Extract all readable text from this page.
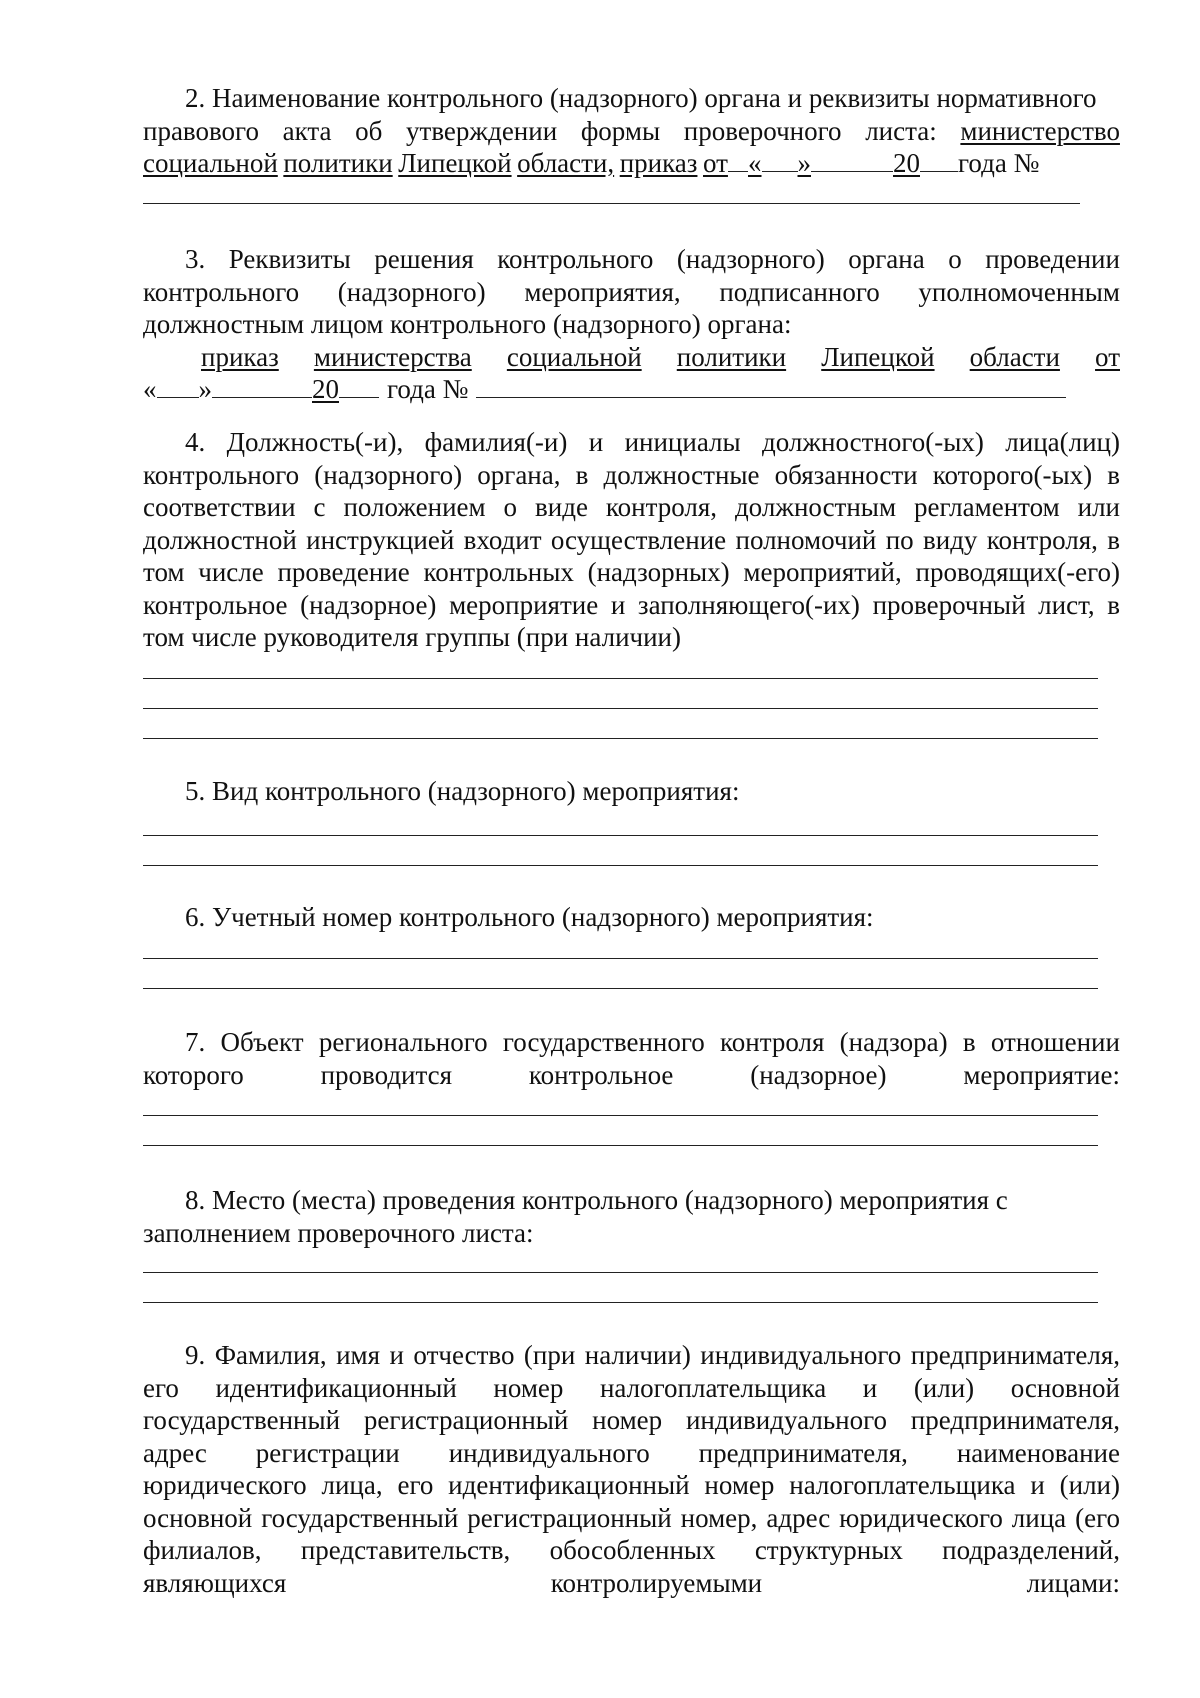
2. Наименование контрольного (надзорного) органа и реквизиты нормативного
правового акта об утверждении формы проверочного листа: министерство
социальной политики Липецкой области, приказ от « »	20 года №
3. Реквизиты решения контрольного (надзорного) органа о проведении
контрольного (надзорного) мероприятия, подписанного уполномоченным
должностным лицом контрольного (надзорного) органа:
приказ министерства социальной политики Липецкой области от
« »	20 года №
4. Должность(-и), фамилия(-и) и инициалы должностного(-ых) лица(лиц) контрольного (надзорного) органа, в должностные обязанности которого(-ых) в соответствии с положением о виде контроля, должностным регламентом или должностной инструкцией входит осуществление полномочий по виду контроля, в том числе проведение контрольных (надзорных) мероприятий, проводящих(-его) контрольное (надзорное) мероприятие и заполняющего(-их) проверочный лист, в том числе руководителя группы (при наличии)
5. Вид контрольного (надзорного) мероприятия:
6. Учетный номер контрольного (надзорного) мероприятия:
7. Объект регионального государственного контроля (надзора) в отношении
которого	проводится	контрольное	(надзорное)	мероприятие:
8. Место (места) проведения контрольного (надзорного) мероприятия с
заполнением проверочного листа:
9. Фамилия, имя и отчество (при наличии) индивидуального предпринимателя, его идентификационный номер налогоплательщика и (или) основной государственный регистрационный номер индивидуального предпринимателя, адрес регистрации индивидуального предпринимателя, наименование юридического лица, его идентификационный номер налогоплательщика и (или) основной государственный регистрационный номер, адрес юридического лица (его филиалов, представительств, обособленных структурных подразделений,
являющихся	контролируемыми	лицами:
